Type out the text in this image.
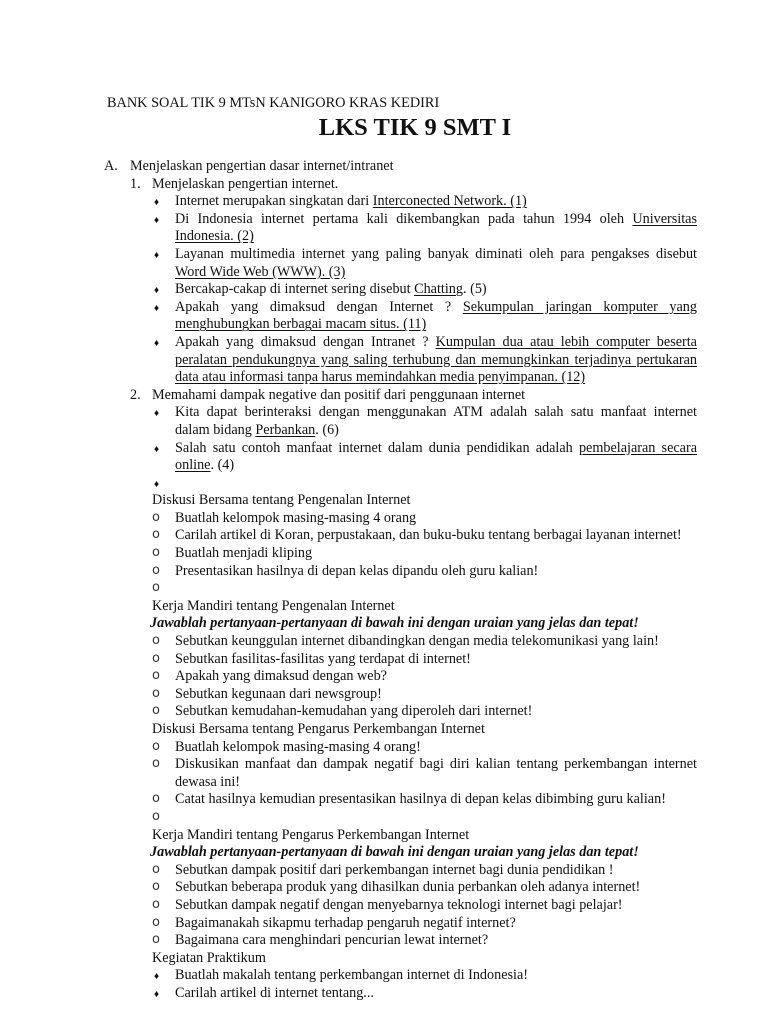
BANK SOAL TIK 9 MTsN KANIGORO KRAS KEDIRI
LKS TIK 9 SMT I
A. Menjelaskan pengertian dasar internet/intranet
1. Menjelaskan pengertian internet.
♦ Internet merupakan singkatan dari Interconected Network. (1)
♦ Di Indonesia internet pertama kali dikembangkan pada tahun 1994 oleh Universitas Indonesia. (2)
♦ Layanan multimedia internet yang paling banyak diminati oleh para pengakses disebut Word Wide Web (WWW). (3)
♦ Bercakap-cakap di internet sering disebut Chatting. (5)
♦ Apakah yang dimaksud dengan Internet ? Sekumpulan jaringan komputer yang menghubungkan berbagai macam situs. (11)
♦ Apakah yang dimaksud dengan Intranet ? Kumpulan dua atau lebih computer beserta peralatan pendukungnya yang saling terhubung dan memungkinkan terjadinya pertukaran data atau informasi tanpa harus memindahkan media penyimpanan. (12)
2. Memahami dampak negative dan positif dari penggunaan internet
♦ Kita dapat berinteraksi dengan menggunakan ATM adalah salah satu manfaat internet dalam bidang Perbankan. (6)
♦ Salah satu contoh manfaat internet dalam dunia pendidikan adalah pembelajaran secara online. (4)
♦
Diskusi Bersama tentang Pengenalan Internet
o Buatlah kelompok masing-masing 4 orang
o Carilah artikel di Koran, perpustakaan, dan buku-buku tentang berbagai layanan internet!
o Buatlah menjadi kliping
o Presentasikan hasilnya di depan kelas dipandu oleh guru kalian!
o
Kerja Mandiri tentang Pengenalan Internet
Jawablah pertanyaan-pertanyaan di bawah ini dengan uraian yang jelas dan tepat!
o Sebutkan keunggulan internet dibandingkan dengan media telekomunikasi yang lain!
o Sebutkan fasilitas-fasilitas yang terdapat di internet!
o Apakah yang dimaksud dengan web?
o Sebutkan kegunaan dari newsgroup!
o Sebutkan kemudahan-kemudahan yang diperoleh dari internet!
Diskusi Bersama tentang Pengarus Perkembangan Internet
o Buatlah kelompok masing-masing 4 orang!
o Diskusikan manfaat dan dampak negatif bagi diri kalian tentang perkembangan internet dewasa ini!
o Catat hasilnya kemudian presentasikan hasilnya di depan kelas dibimbing guru kalian!
o
Kerja Mandiri tentang Pengarus Perkembangan Internet
Jawablah pertanyaan-pertanyaan di bawah ini dengan uraian yang jelas dan tepat!
o Sebutkan dampak positif dari perkembangan internet bagi dunia pendidikan !
o Sebutkan beberapa produk yang dihasilkan dunia perbankan oleh adanya internet!
o Sebutkan dampak negatif dengan menyebarnya teknologi internet bagi pelajar!
o Bagaimanakah sikapmu terhadap pengaruh negatif internet?
o Bagaimana cara menghindari pencurian lewat internet?
Kegiatan Praktikum
♦ Buatlah makalah tentang perkembangan internet di Indonesia!
♦ Carilah artikel di internet tentang...
